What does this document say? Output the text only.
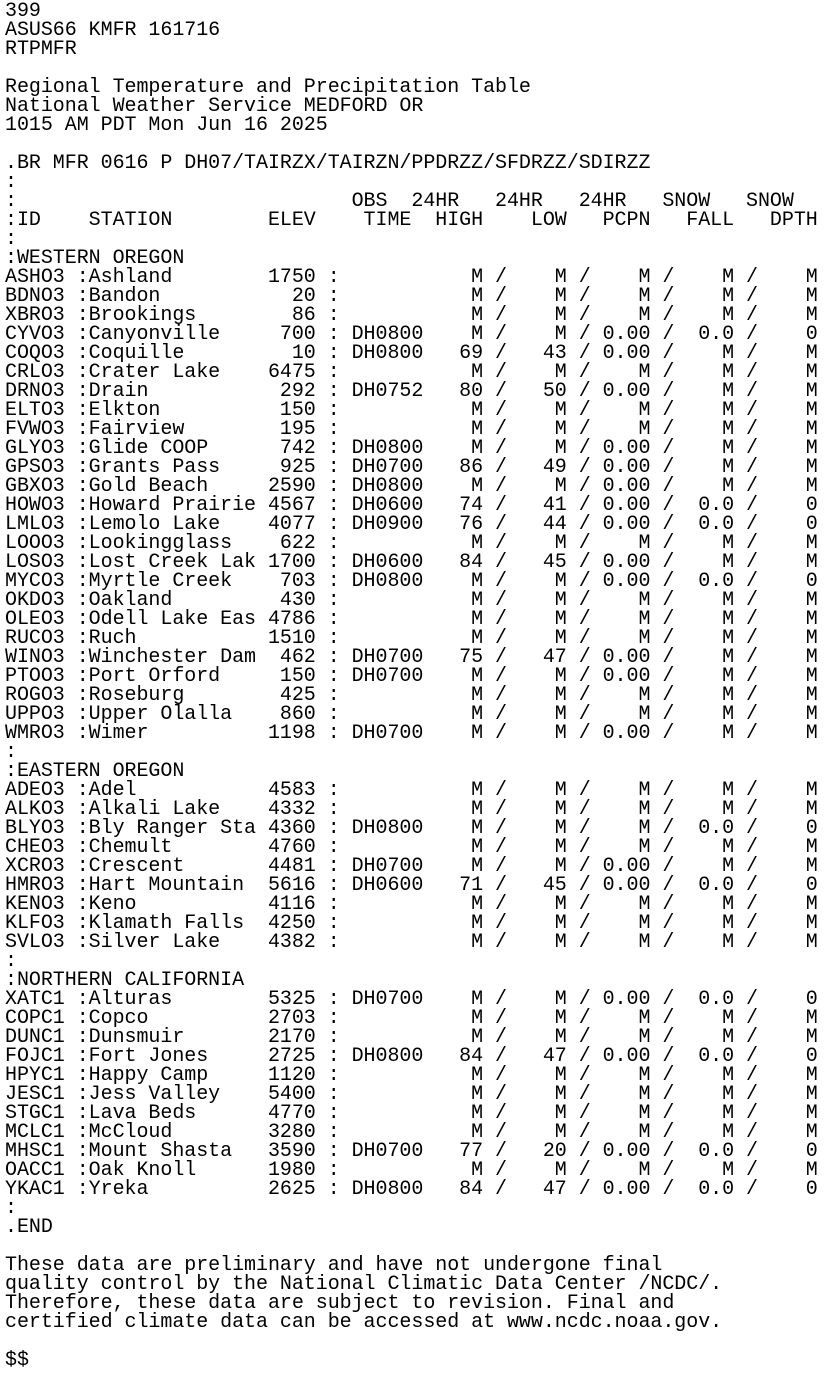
399
ASUS66 KMFR 161716
RTPMFR
Regional Temperature and Precipitation Table
National Weather Service MEDFORD OR
1015 AM PDT Mon Jun 16 2025
.BR MFR 0616 P DH07/TAIRZX/TAIRZN/PPDRZZ/SFDRZZ/SDIRZZ
:
:                            OBS  24HR   24HR   24HR   SNOW   SNOW
:ID    STATION        ELEV    TIME  HIGH    LOW   PCPN   FALL   DPTH
:
:WESTERN OREGON
ASHO3 :Ashland        1750 :           M /    M /    M /    M /    M
BDNO3 :Bandon           20 :           M /    M /    M /    M /    M
XBRO3 :Brookings        86 :           M /    M /    M /    M /    M
CYVO3 :Canyonville     700 : DH0800    M /    M / 0.00 /  0.0 /    0
COQO3 :Coquille         10 : DH0800   69 /   43 / 0.00 /    M /    M
CRLO3 :Crater Lake    6475 :           M /    M /    M /    M /    M
DRNO3 :Drain           292 : DH0752   80 /   50 / 0.00 /    M /    M
ELTO3 :Elkton          150 :           M /    M /    M /    M /    M
FVWO3 :Fairview        195 :           M /    M /    M /    M /    M
GLYO3 :Glide COOP      742 : DH0800    M /    M / 0.00 /    M /    M
GPSO3 :Grants Pass     925 : DH0700   86 /   49 / 0.00 /    M /    M
GBXO3 :Gold Beach     2590 : DH0800    M /    M / 0.00 /    M /    M
HOWO3 :Howard Prairie 4567 : DH0600   74 /   41 / 0.00 /  0.0 /    0
LMLO3 :Lemolo Lake    4077 : DH0900   76 /   44 / 0.00 /  0.0 /    0
LOOO3 :Lookingglass    622 :           M /    M /    M /    M /    M
LOSO3 :Lost Creek Lak 1700 : DH0600   84 /   45 / 0.00 /    M /    M
MYCO3 :Myrtle Creek    703 : DH0800    M /    M / 0.00 /  0.0 /    0
OKDO3 :Oakland         430 :           M /    M /    M /    M /    M
OLEO3 :Odell Lake Eas 4786 :           M /    M /    M /    M /    M
RUCO3 :Ruch           1510 :           M /    M /    M /    M /    M
WINO3 :Winchester Dam  462 : DH0700   75 /   47 / 0.00 /    M /    M
PTOO3 :Port Orford     150 : DH0700    M /    M / 0.00 /    M /    M
ROGO3 :Roseburg        425 :           M /    M /    M /    M /    M
UPPO3 :Upper Olalla    860 :           M /    M /    M /    M /    M
WMRO3 :Wimer          1198 : DH0700    M /    M / 0.00 /    M /    M
:
:EASTERN OREGON
ADEO3 :Adel           4583 :           M /    M /    M /    M /    M
ALKO3 :Alkali Lake    4332 :           M /    M /    M /    M /    M
BLYO3 :Bly Ranger Sta 4360 : DH0800    M /    M /    M /  0.0 /    0
CHEO3 :Chemult        4760 :           M /    M /    M /    M /    M
XCRO3 :Crescent       4481 : DH0700    M /    M / 0.00 /    M /    M
HMRO3 :Hart Mountain  5616 : DH0600   71 /   45 / 0.00 /  0.0 /    0
KENO3 :Keno           4116 :           M /    M /    M /    M /    M
KLFO3 :Klamath Falls  4250 :           M /    M /    M /    M /    M
SVLO3 :Silver Lake    4382 :           M /    M /    M /    M /    M
:
:NORTHERN CALIFORNIA
XATC1 :Alturas        5325 : DH0700    M /    M / 0.00 /  0.0 /    0
COPC1 :Copco          2703 :           M /    M /    M /    M /    M
DUNC1 :Dunsmuir       2170 :           M /    M /    M /    M /    M
FOJC1 :Fort Jones     2725 : DH0800   84 /   47 / 0.00 /  0.0 /    0
HPYC1 :Happy Camp     1120 :           M /    M /    M /    M /    M
JESC1 :Jess Valley    5400 :           M /    M /    M /    M /    M
STGC1 :Lava Beds      4770 :           M /    M /    M /    M /    M
MCLC1 :McCloud        3280 :           M /    M /    M /    M /    M
MHSC1 :Mount Shasta   3590 : DH0700   77 /   20 / 0.00 /  0.0 /    0
OACC1 :Oak Knoll      1980 :           M /    M /    M /    M /    M
YKAC1 :Yreka          2625 : DH0800   84 /   47 / 0.00 /  0.0 /    0
:
.END
These data are preliminary and have not undergone final
quality control by the National Climatic Data Center /NCDC/.
Therefore, these data are subject to revision. Final and
certified climate data can be accessed at www.ncdc.noaa.gov.
$$
